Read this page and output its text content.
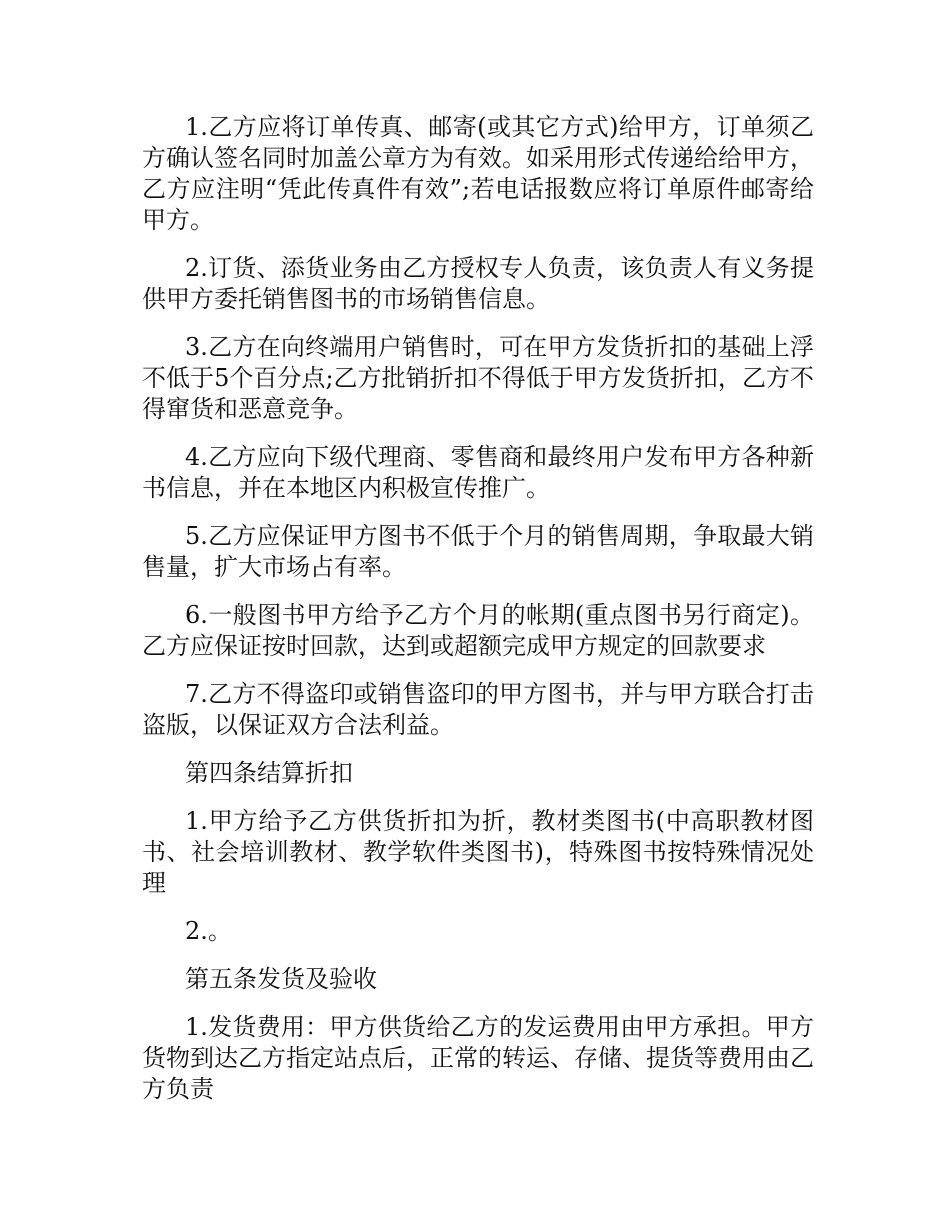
1.乙方应将订单传真、邮寄(或其它方式)给甲方，订单须乙方确认签名同时加盖公章方为有效。如采用形式传递给给甲方，乙方应注明“凭此传真件有效”;若电话报数应将订单原件邮寄给甲方。

2.订货、添货业务由乙方授权专人负责，该负责人有义务提供甲方委托销售图书的市场销售信息。

3.乙方在向终端用户销售时，可在甲方发货折扣的基础上浮不低于5个百分点;乙方批销折扣不得低于甲方发货折扣，乙方不得窜货和恶意竞争。

4.乙方应向下级代理商、零售商和最终用户发布甲方各种新书信息，并在本地区内积极宣传推广。

5.乙方应保证甲方图书不低于个月的销售周期，争取最大销售量，扩大市场占有率。

6.一般图书甲方给予乙方个月的帐期(重点图书另行商定)。乙方应保证按时回款，达到或超额完成甲方规定的回款要求

7.乙方不得盗印或销售盗印的甲方图书，并与甲方联合打击盗版，以保证双方合法利益。

第四条结算折扣

1.甲方给予乙方供货折扣为折，教材类图书(中高职教材图书、社会培训教材、教学软件类图书)，特殊图书按特殊情况处理

2.。

第五条发货及验收

1.发货费用：甲方供货给乙方的发运费用由甲方承担。甲方货物到达乙方指定站点后，正常的转运、存储、提货等费用由乙方负责
